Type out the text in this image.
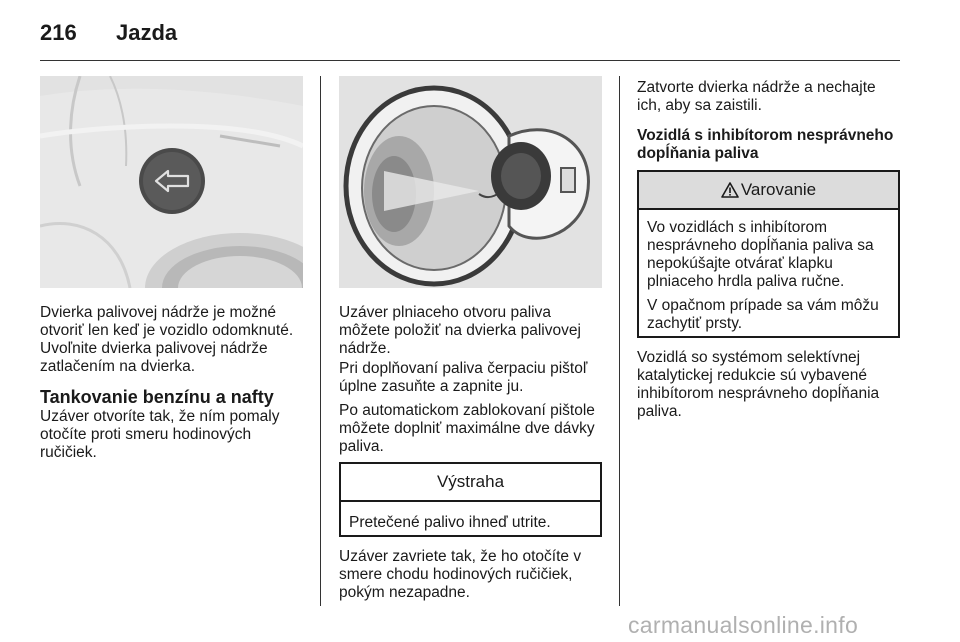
216 Jazda

Dvierka palivovej nádrže je možné otvoriť len keď je vozidlo odomknuté. Uvoľnite dvierka palivovej nádrže zatlačením na dvierka.

Tankovanie benzínu a nafty

Uzáver otvoríte tak, že ním pomaly otočíte proti smeru hodinových ručičiek.

Uzáver plniaceho otvoru paliva môžete položiť na dvierka palivovej nádrže.

Pri doplňovaní paliva čerpaciu pištoľ úplne zasuňte a zapnite ju.

Po automatickom zablokovaní pištole môžete doplniť maximálne dve dávky paliva.

Výstraha
Pretečené palivo ihneď utrite.

Uzáver zavriete tak, že ho otočíte v smere chodu hodinových ručičiek, pokým nezapadne.

Zatvorte dvierka nádrže a nechajte ich, aby sa zaistili.

Vozidlá s inhibítorom nesprávneho dopĺňania paliva
Varovanie

Vo vozidlách s inhibítorom nesprávneho dopĺňania paliva sa nepokúšajte otvárať klapku plniaceho hrdla paliva ručne.

V opačnom prípade sa vám môžu zachytiť prsty.

Vozidlá so systémom selektívnej katalytickej redukcie sú vybavené inhibítorom nesprávneho dopĺňania paliva.

carmanualsonline.info
